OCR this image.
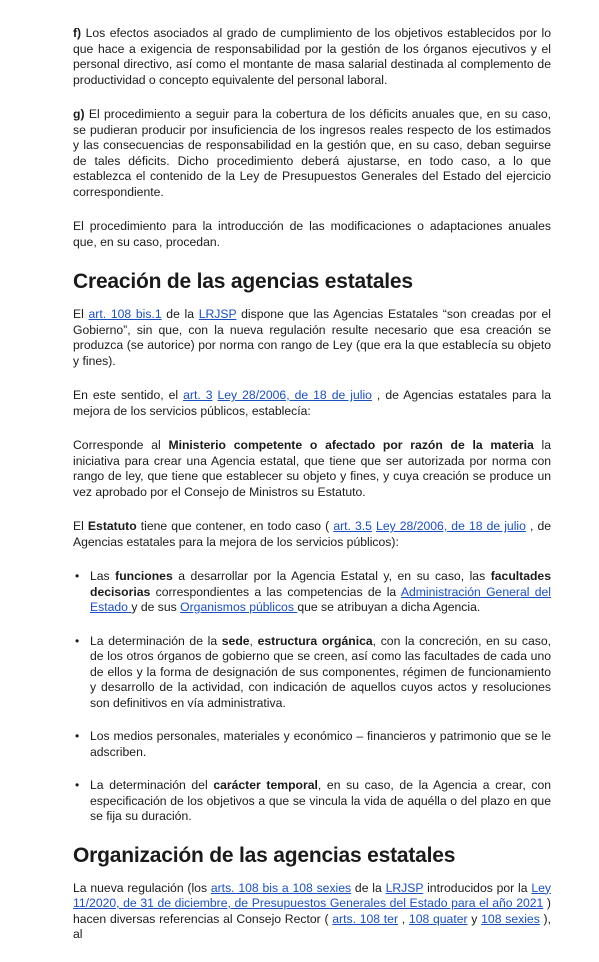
f) Los efectos asociados al grado de cumplimiento de los objetivos establecidos por lo que hace a exigencia de responsabilidad por la gestión de los órganos ejecutivos y el personal directivo, así como el montante de masa salarial destinada al complemento de productividad o concepto equivalente del personal laboral.

g) El procedimiento a seguir para la cobertura de los déficits anuales que, en su caso, se pudieran producir por insuficiencia de los ingresos reales respecto de los estimados y las consecuencias de responsabilidad en la gestión que, en su caso, deban seguirse de tales déficits. Dicho procedimiento deberá ajustarse, en todo caso, a lo que establezca el contenido de la Ley de Presupuestos Generales del Estado del ejercicio correspondiente.

El procedimiento para la introducción de las modificaciones o adaptaciones anuales que, en su caso, procedan.

Creación de las agencias estatales

El art. 108 bis.1 de la LRJSP dispone que las Agencias Estatales “son creadas por el Gobierno”, sin que, con la nueva regulación resulte necesario que esa creación se produzca (se autorice) por norma con rango de Ley (que era la que establecía su objeto y fines).

En este sentido, el art. 3 Ley 28/2006, de 18 de julio , de Agencias estatales para la mejora de los servicios públicos, establecía:

Corresponde al Ministerio competente o afectado por razón de la materia la iniciativa para crear una Agencia estatal, que tiene que ser autorizada por norma con rango de ley, que tiene que establecer su objeto y fines, y cuya creación se produce un vez aprobado por el Consejo de Ministros su Estatuto.

El Estatuto tiene que contener, en todo caso ( art. 3.5 Ley 28/2006, de 18 de julio , de Agencias estatales para la mejora de los servicios públicos):

• Las funciones a desarrollar por la Agencia Estatal y, en su caso, las facultades decisorias correspondientes a las competencias de la Administración General del Estado y de sus Organismos públicos que se atribuyan a dicha Agencia.
• La determinación de la sede, estructura orgánica, con la concreción, en su caso, de los otros órganos de gobierno que se creen, así como las facultades de cada uno de ellos y la forma de designación de sus componentes, régimen de funcionamiento y desarrollo de la actividad, con indicación de aquellos cuyos actos y resoluciones son definitivos en vía administrativa.
• Los medios personales, materiales y económico – financieros y patrimonio que se le adscriben.
• La determinación del carácter temporal, en su caso, de la Agencia a crear, con especificación de los objetivos a que se vincula la vida de aquélla o del plazo en que se fija su duración.
Organización de las agencias estatales

La nueva regulación (los arts. 108 bis a 108 sexies de la LRJSP introducidos por la Ley 11/2020, de 31 de diciembre, de Presupuestos Generales del Estado para el año 2021 ) hacen diversas referencias al Consejo Rector ( arts. 108 ter , 108 quater y 108 sexies ), al
